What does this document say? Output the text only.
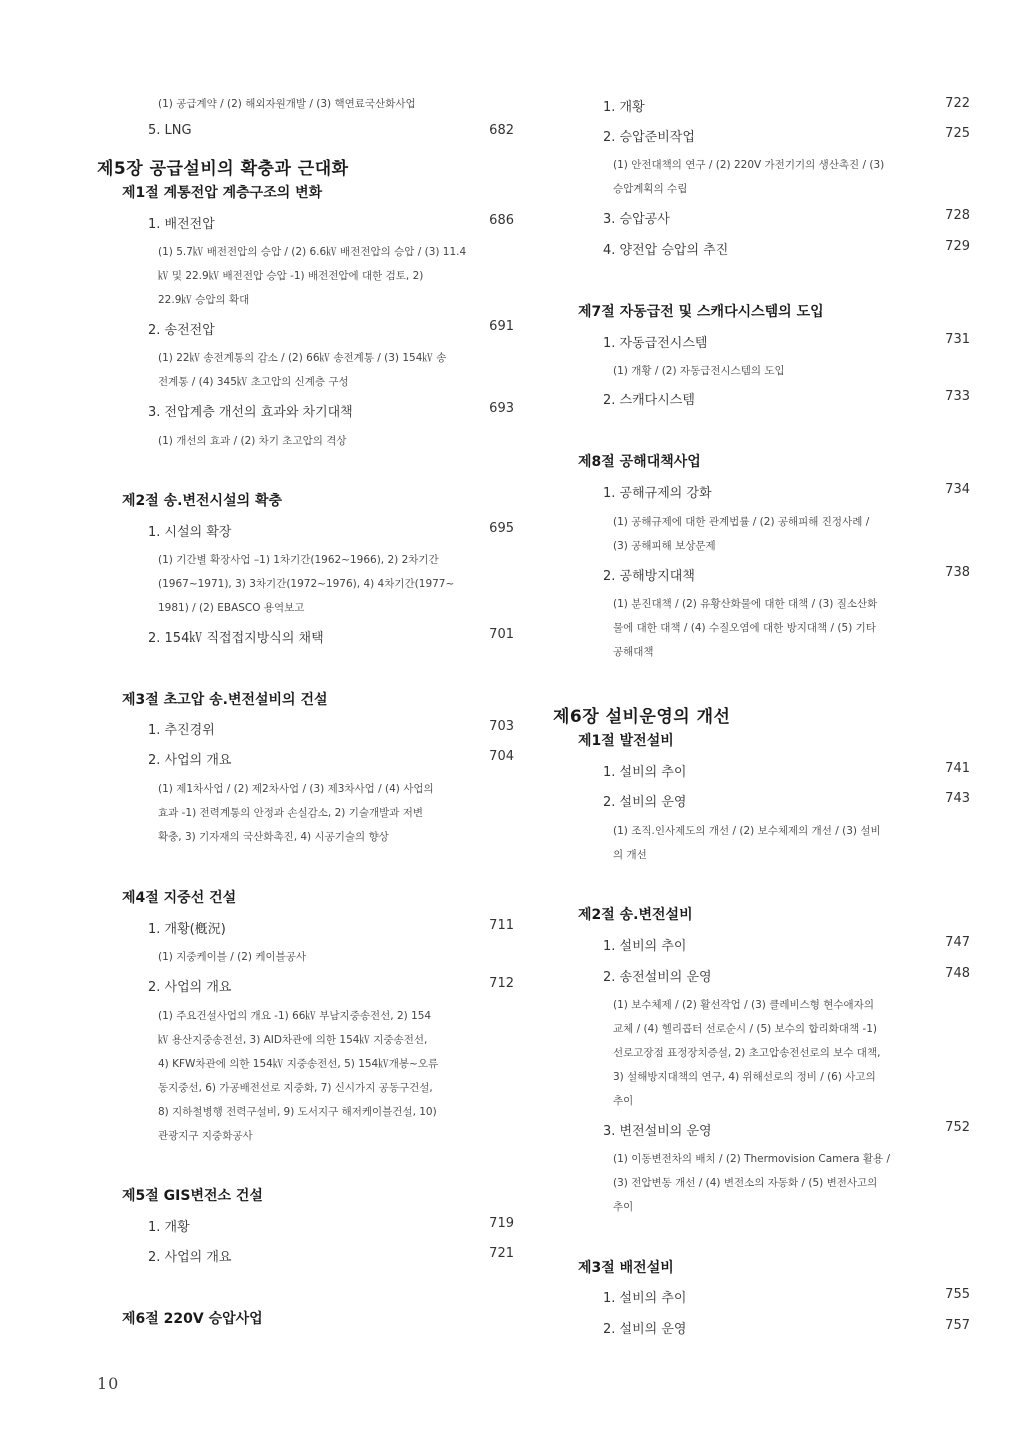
(1) 공급계약 / (2) 해외자원개발 / (3) 핵연료국산화사업
5. LNG	682
제5장 공급설비의 확충과 근대화
제1절 계통전압 계층구조의 변화
1. 배전전압	686
(1) 5.7㎸ 배전전압의 승압 / (2) 6.6㎸ 배전전압의 승압 / (3) 11.4
㎸ 및 22.9㎸ 배전전압 승압 -1) 배전전압에 대한 검토, 2)
22.9㎸ 승압의 확대
2. 송전전압	691
(1) 22㎸ 송전계통의 감소 / (2) 66㎸ 송전계통 / (3) 154㎸ 송
전계통 / (4) 345㎸ 초고압의 신계층 구성
3. 전압계층 개선의 효과와 차기대책	693
(1) 개선의 효과 / (2) 차기 초고압의 격상
제2절 송.변전시설의 확충
1. 시설의 확장	695
(1) 기간별 확장사업 –1) 1차기간(1962~1966), 2) 2차기간
(1967~1971), 3) 3차기간(1972~1976), 4) 4차기간(1977~
1981) / (2) EBASCO 용역보고
2. 154㎸ 직접접지방식의 채택	701
제3절 초고압 송.변전설비의 건설
1. 추진경위	703
2. 사업의 개요	704
(1) 제1차사업 / (2) 제2차사업 / (3) 제3차사업 / (4) 사업의
효과 -1) 전력계통의 안정과 손실감소, 2) 기술개발과 저변
확충, 3) 기자재의 국산화촉진, 4) 시공기술의 향상
제4절 지중선 건설
1. 개황(槪況)	711
(1) 지중케이블 / (2) 케이블공사
2. 사업의 개요	712
(1) 주요건설사업의 개요 -1) 66㎸ 부남지중송전선, 2) 154
㎸ 용산지중송전선, 3) AID차관에 의한 154㎸ 지중송전선,
4) KFW차관에 의한 154㎸ 지중송전선, 5) 154㎸개봉~오류
동지중선, 6) 가공배전선로 지중화, 7) 신시가지 공동구건설,
8) 지하철병행 전력구설비, 9) 도서지구 해저케이블건설, 10)
관광지구 지중화공사
제5절 GIS변전소 건설
1. 개황	719
2. 사업의 개요	721
제6절 220V 승압사업
1. 개황	722
2. 승압준비작업	725
(1) 안전대책의 연구 / (2) 220V 가전기기의 생산촉진 / (3)
승압계획의 수립
3. 승압공사	728
4. 양전압 승압의 추진	729
제7절 자동급전 및 스캐다시스템의 도입
1. 자동급전시스템	731
(1) 개황 / (2) 자동급전시스템의 도입
2. 스캐다시스템	733
제8절 공해대책사업
1. 공해규제의 강화	734
(1) 공해규제에 대한 관계법률 / (2) 공해피해 진정사례 /
(3) 공해피해 보상문제
2. 공해방지대책	738
(1) 분진대책 / (2) 유황산화물에 대한 대책 / (3) 질소산화
물에 대한 대책 / (4) 수질오염에 대한 방지대책 / (5) 기타
공해대책
제6장 설비운영의 개선
제1절 발전설비
1. 설비의 추이	741
2. 설비의 운영	743
(1) 조직.인사제도의 개선 / (2) 보수체제의 개선 / (3) 설비
의 개선
제2절 송.변전설비
1. 설비의 추이	747
2. 송전설비의 운영	748
(1) 보수체제 / (2) 활선작업 / (3) 클레비스형 현수애자의
교체 / (4) 헬리콥터 선로순시 / (5) 보수의 합리화대책 -1)
선로고장점 표정장치증설, 2) 초고압송전선로의 보수 대책,
3) 설해방지대책의 연구, 4) 위해선로의 정비 / (6) 사고의
추이
3. 변전설비의 운영	752
(1) 이동변전차의 배치 / (2) Thermovision Camera 활용 /
(3) 전압변동 개선 / (4) 변전소의 자동화 / (5) 변전사고의
추이
제3절 배전설비
1. 설비의 추이	755
2. 설비의 운영	757
10
